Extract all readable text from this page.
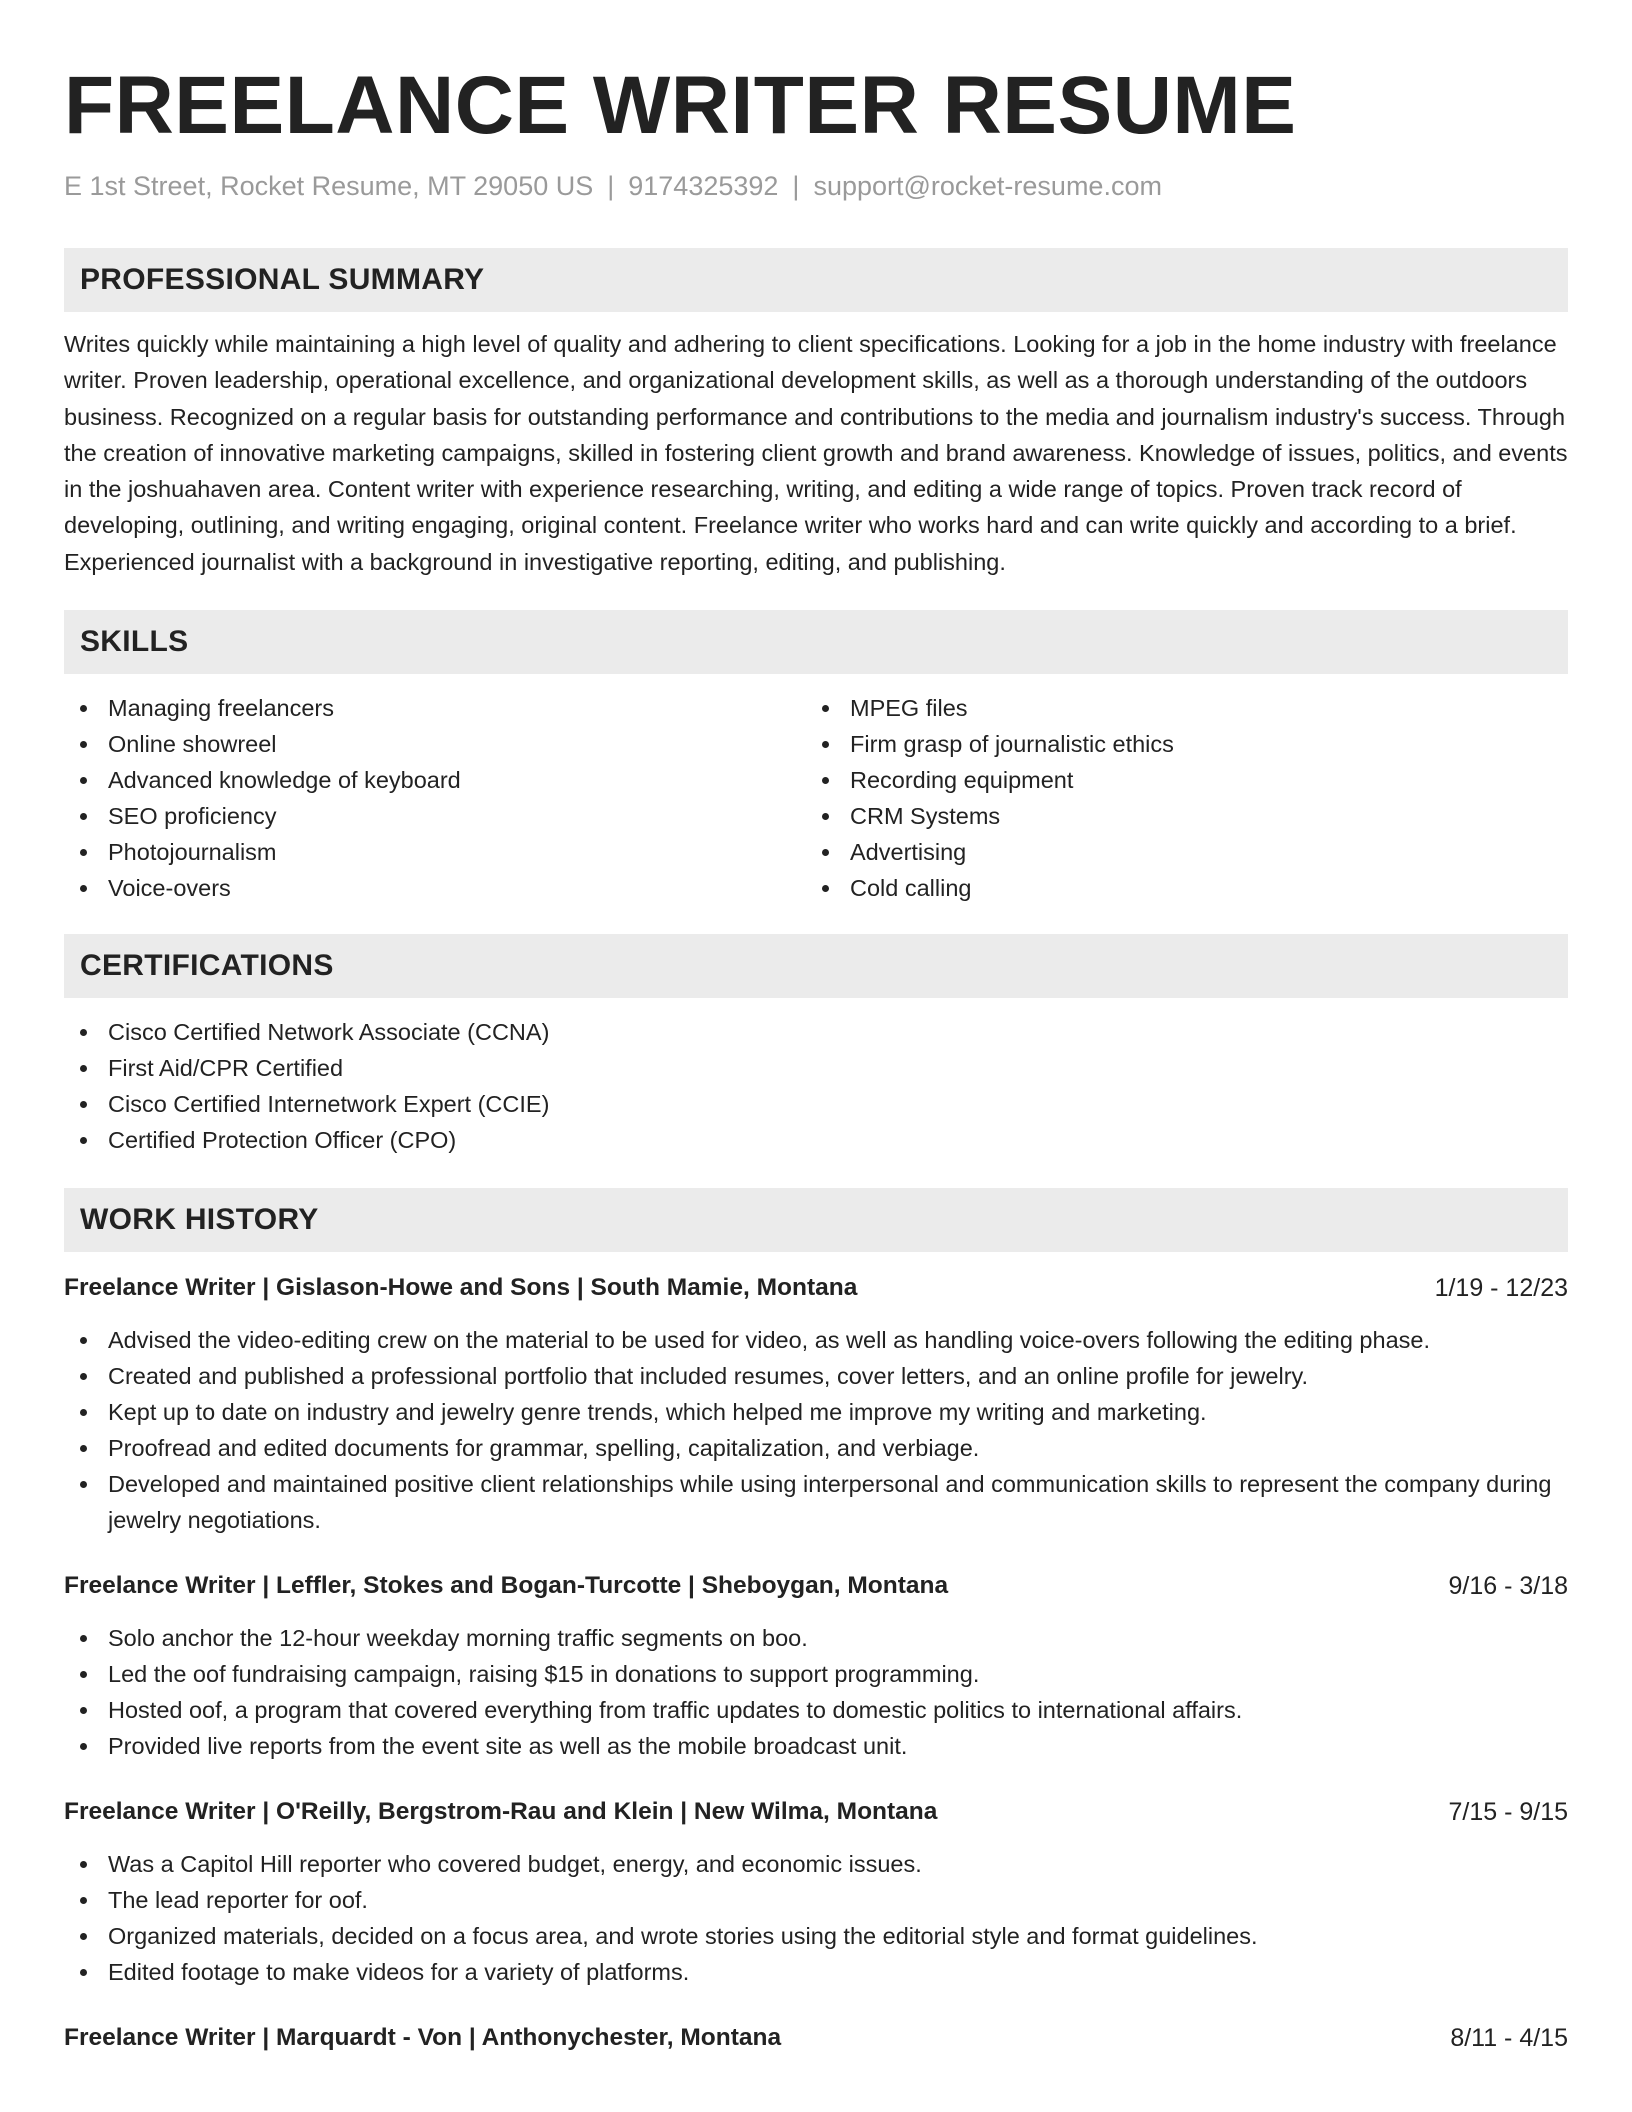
FREELANCE WRITER RESUME
E 1st Street, Rocket Resume, MT 29050 US | 9174325392 | support@rocket-resume.com
PROFESSIONAL SUMMARY

Writes quickly while maintaining a high level of quality and adhering to client specifications. Looking for a job in the home industry with freelance writer. Proven leadership, operational excellence, and organizational development skills, as well as a thorough understanding of the outdoors business. Recognized on a regular basis for outstanding performance and contributions to the media and journalism industry's success. Through the creation of innovative marketing campaigns, skilled in fostering client growth and brand awareness. Knowledge of issues, politics, and events in the joshuahaven area. Content writer with experience researching, writing, and editing a wide range of topics. Proven track record of developing, outlining, and writing engaging, original content. Freelance writer who works hard and can write quickly and according to a brief. Experienced journalist with a background in investigative reporting, editing, and publishing.

SKILLS
Managing freelancers
Online showreel
Advanced knowledge of keyboard
SEO proficiency
Photojournalism
Voice-overs
MPEG files
Firm grasp of journalistic ethics
Recording equipment
CRM Systems
Advertising
Cold calling
CERTIFICATIONS
Cisco Certified Network Associate (CCNA)
First Aid/CPR Certified
Cisco Certified Internetwork Expert (CCIE)
Certified Protection Officer (CPO)
WORK HISTORY
Freelance Writer | Gislason-Howe and Sons | South Mamie, Montana	1/19 - 12/23
Advised the video-editing crew on the material to be used for video, as well as handling voice-overs following the editing phase.
Created and published a professional portfolio that included resumes, cover letters, and an online profile for jewelry.
Kept up to date on industry and jewelry genre trends, which helped me improve my writing and marketing.
Proofread and edited documents for grammar, spelling, capitalization, and verbiage.
Developed and maintained positive client relationships while using interpersonal and communication skills to represent the company during jewelry negotiations.
Freelance Writer | Leffler, Stokes and Bogan-Turcotte | Sheboygan, Montana	9/16 - 3/18
Solo anchor the 12-hour weekday morning traffic segments on boo.
Led the oof fundraising campaign, raising $15 in donations to support programming.
Hosted oof, a program that covered everything from traffic updates to domestic politics to international affairs.
Provided live reports from the event site as well as the mobile broadcast unit.
Freelance Writer | O'Reilly, Bergstrom-Rau and Klein | New Wilma, Montana	7/15 - 9/15
Was a Capitol Hill reporter who covered budget, energy, and economic issues.
The lead reporter for oof.
Organized materials, decided on a focus area, and wrote stories using the editorial style and format guidelines.
Edited footage to make videos for a variety of platforms.
Freelance Writer | Marquardt - Von | Anthonychester, Montana	8/11 - 4/15
